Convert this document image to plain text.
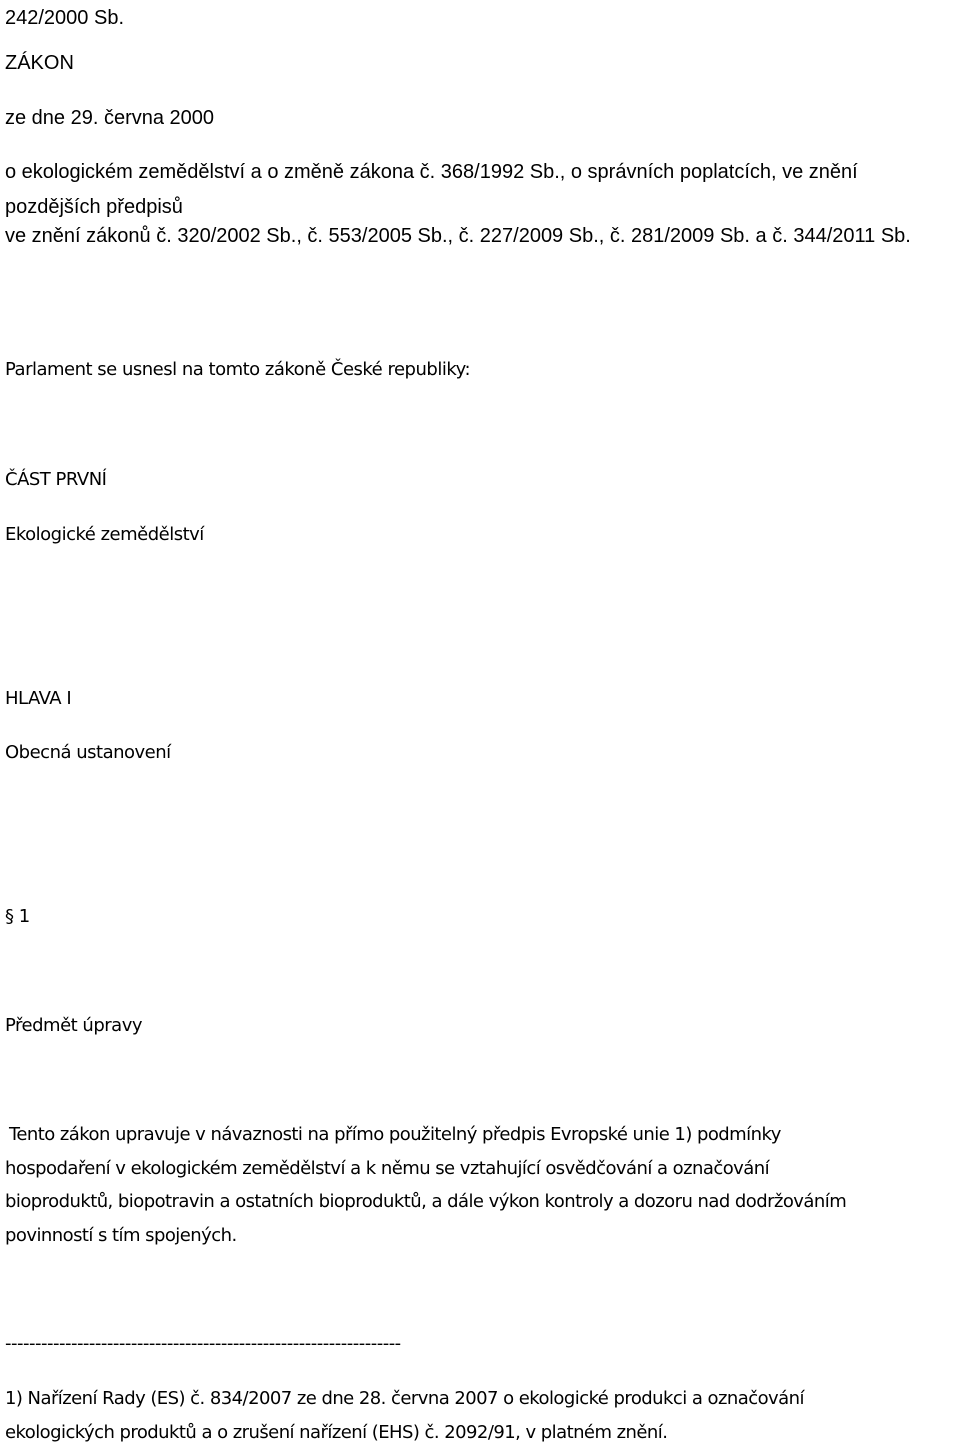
242/2000 Sb.

ZÁKON

ze dne 29. června 2000

o ekologickém zemědělství a o změně zákona č. 368/1992 Sb., o správních poplatcích, ve znění

pozdějších předpisů

ve znění zákonů č. 320/2002 Sb., č. 553/2005 Sb., č. 227/2009 Sb., č. 281/2009 Sb. a č. 344/2011 Sb.

Parlament se usnesl na tomto zákoně České republiky:

ČÁST PRVNÍ

Ekologické zemědělství

HLAVA I

Obecná ustanovení

§ 1

Předmět úpravy

Tento zákon upravuje v návaznosti na přímo použitelný předpis Evropské unie 1) podmínky
hospodaření v ekologickém zemědělství a k němu se vztahující osvědčování a označování
bioproduktů, biopotravin a ostatních bioproduktů, a dále výkon kontroly a dozoru nad dodržováním
povinností s tím spojených.

------------------------------------------------------------------

1) Nařízení Rady (ES) č. 834/2007 ze dne 28. června 2007 o ekologické produkci a označování
ekologických produktů a o zrušení nařízení (EHS) č. 2092/91, v platném znění.
